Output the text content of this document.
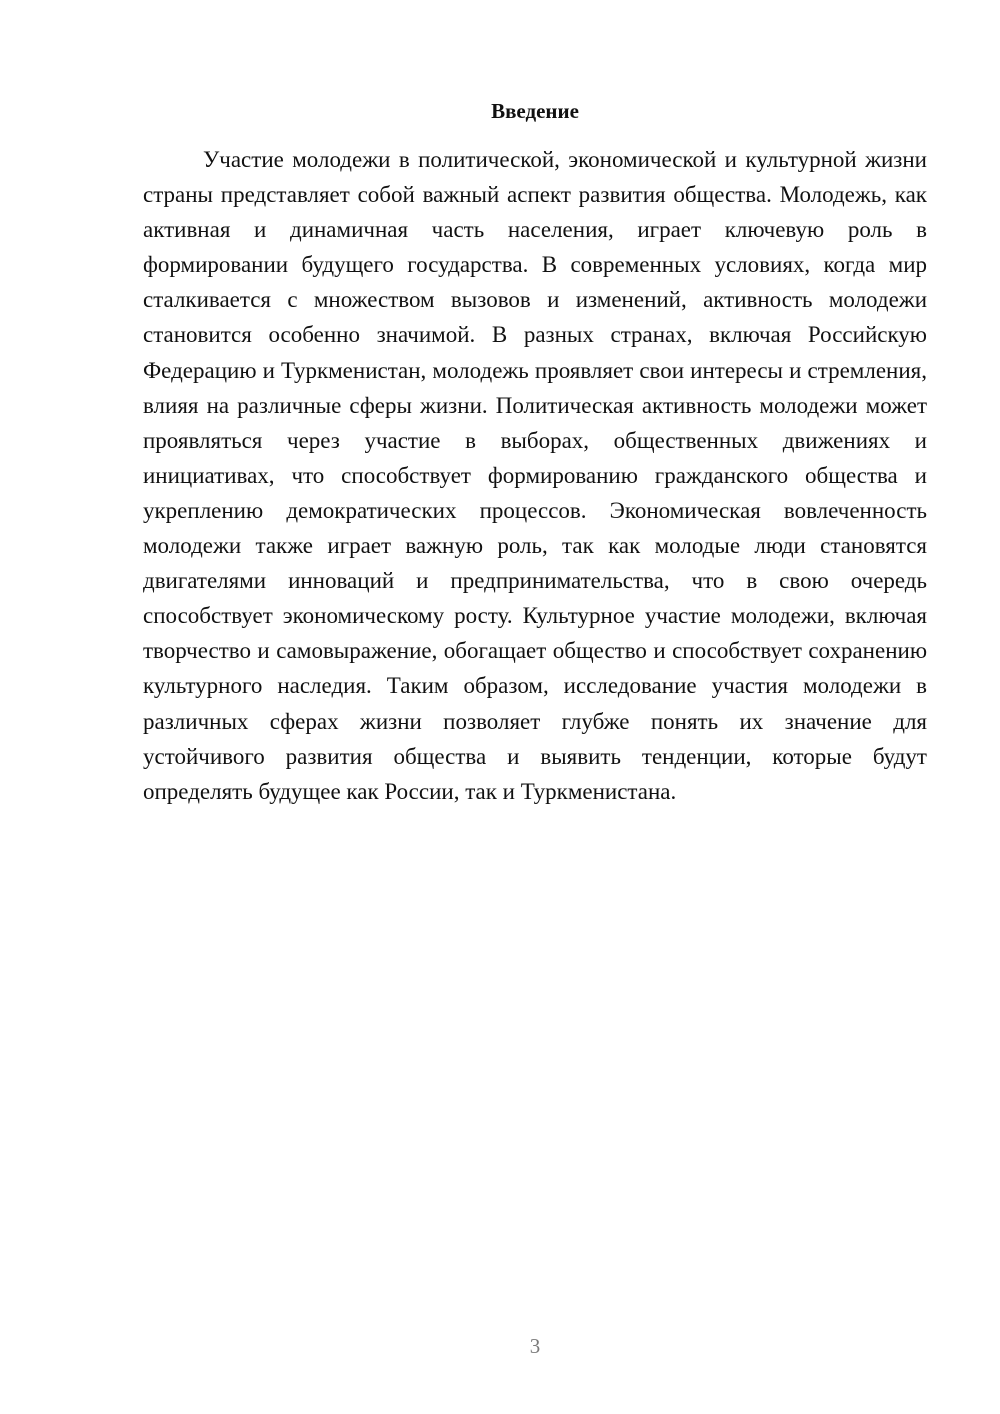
Введение

Участие молодежи в политической, экономической и культурной жизни страны представляет собой важный аспект развития общества. Молодежь, как активная и динамичная часть населения, играет ключевую роль в формировании будущего государства. В современных условиях, когда мир сталкивается с множеством вызовов и изменений, активность молодежи становится особенно значимой. В разных странах, включая Российскую Федерацию и Туркменистан, молодежь проявляет свои интересы и стремления, влияя на различные сферы жизни. Политическая активность молодежи может проявляться через участие в выборах, общественных движениях и инициативах, что способствует формированию гражданского общества и укреплению демократических процессов. Экономическая вовлеченность молодежи также играет важную роль, так как молодые люди становятся двигателями инноваций и предпринимательства, что в свою очередь способствует экономическому росту. Культурное участие молодежи, включая творчество и самовыражение, обогащает общество и способствует сохранению культурного наследия. Таким образом, исследование участия молодежи в различных сферах жизни позволяет глубже понять их значение для устойчивого развития общества и выявить тенденции, которые будут определять будущее как России, так и Туркменистана.

3
